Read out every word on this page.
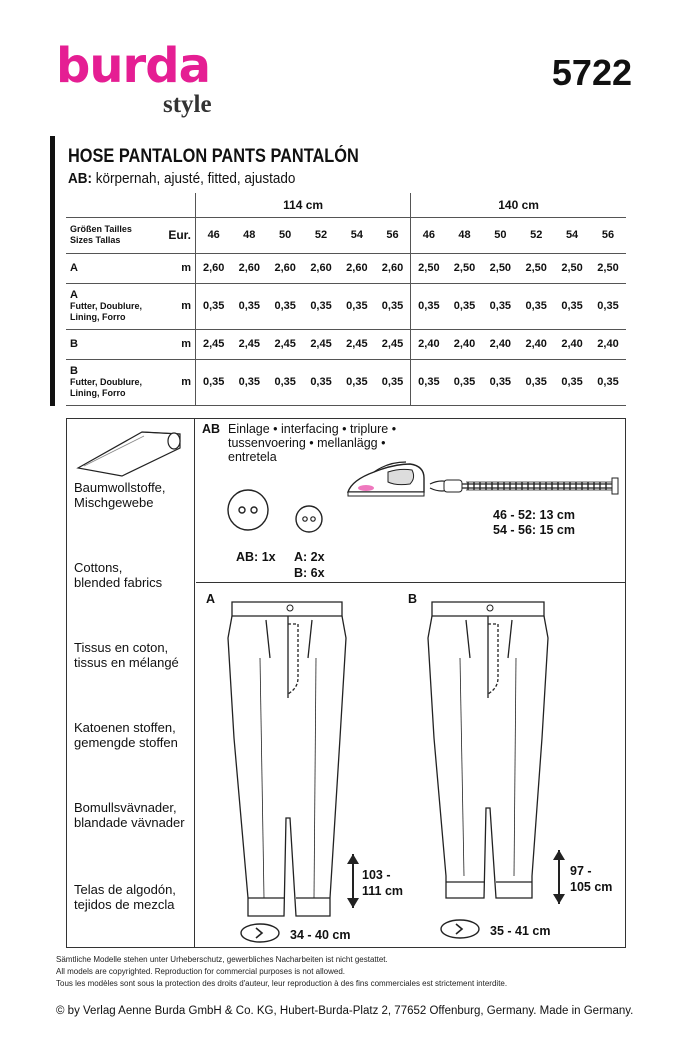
burda
style
5722
HOSE PANTALON PANTS PANTALÓN
AB: körpernah, ajusté, fitted, ajustado
		114 cm						140 cm					

Größen Tailles
Sizes Tallas	Eur.	46	48	50	52	54	56	46	48	50	52	54	56
A	m	2,60	2,60	2,60	2,60	2,60	2,60	2,50	2,50	2,50	2,50	2,50	2,50

A
Futter, Doublure, Lining, Forro	m	0,35	0,35	0,35	0,35	0,35	0,35	0,35	0,35	0,35	0,35	0,35	0,35
B	m	2,45	2,45	2,45	2,45	2,45	2,45	2,40	2,40	2,40	2,40	2,40	2,40

B
Futter, Doublure, Lining, Forro	m	0,35	0,35	0,35	0,35	0,35	0,35	0,35	0,35	0,35	0,35	0,35	0,35
Baumwollstoffe,
Mischgewebe
Cottons,
blended fabrics
Tissus en coton,
tissus en mélangé
Katoenen stoffen,
gemengde stoffen
Bomullsvävnader,
blandade vävnader
Telas de algodón,
tejidos de mezcla
AB Einlage • interfacing • triplure •
tussenvoering • mellanlägg •
entretela
46 - 52: 13 cm
54 - 56: 15 cm
AB: 1x A: 2x
B: 6x
A
103 -
111 cm
34 - 40 cm
B
97 -
105 cm
35 - 41 cm
Sämtliche Modelle stehen unter Urheberschutz, gewerbliches Nacharbeiten ist nicht gestattet.
All models are copyrighted. Reproduction for commercial purposes is not allowed.
Tous les modèles sont sous la protection des droits d'auteur, leur reproduction à des fins commerciales est strictement interdite.
© by Verlag Aenne Burda GmbH & Co. KG, Hubert-Burda-Platz 2, 77652 Offenburg, Germany. Made in Germany.
